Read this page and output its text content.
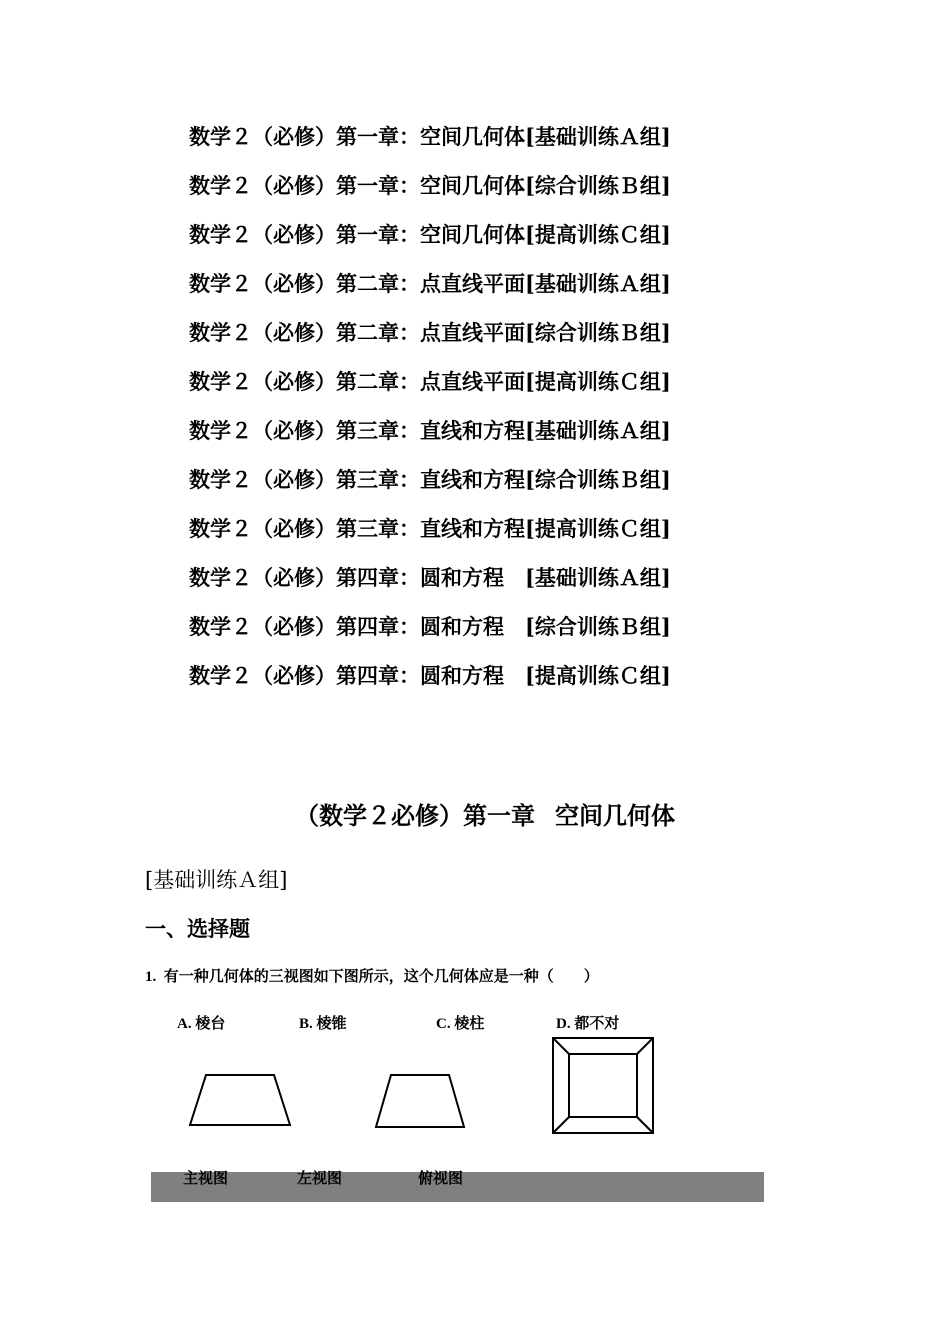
数学２（必修）第一章：空间几何体[基础训练Ａ组]
数学２（必修）第一章：空间几何体[综合训练Ｂ组]
数学２（必修）第一章：空间几何体[提高训练Ｃ组]
数学２（必修）第二章：点直线平面[基础训练Ａ组]
数学２（必修）第二章：点直线平面[综合训练Ｂ组]
数学２（必修）第二章：点直线平面[提高训练Ｃ组]
数学２（必修）第三章：直线和方程[基础训练Ａ组]
数学２（必修）第三章：直线和方程[综合训练Ｂ组]
数学２（必修）第三章：直线和方程[提高训练Ｃ组]
数学２（必修）第四章：圆和方程　[基础训练Ａ组]
数学２（必修）第四章：圆和方程　[综合训练Ｂ组]
数学２（必修）第四章：圆和方程　[提高训练Ｃ组]
（数学２必修）第一章 空间几何体
[基础训练Ａ组]
一、选择题
1. 有一种几何体的三视图如下图所示，这个几何体应是一种（　　）
A. 棱台	B. 棱锥	C. 棱柱	D. 都不对
主视图	左视图	俯视图
